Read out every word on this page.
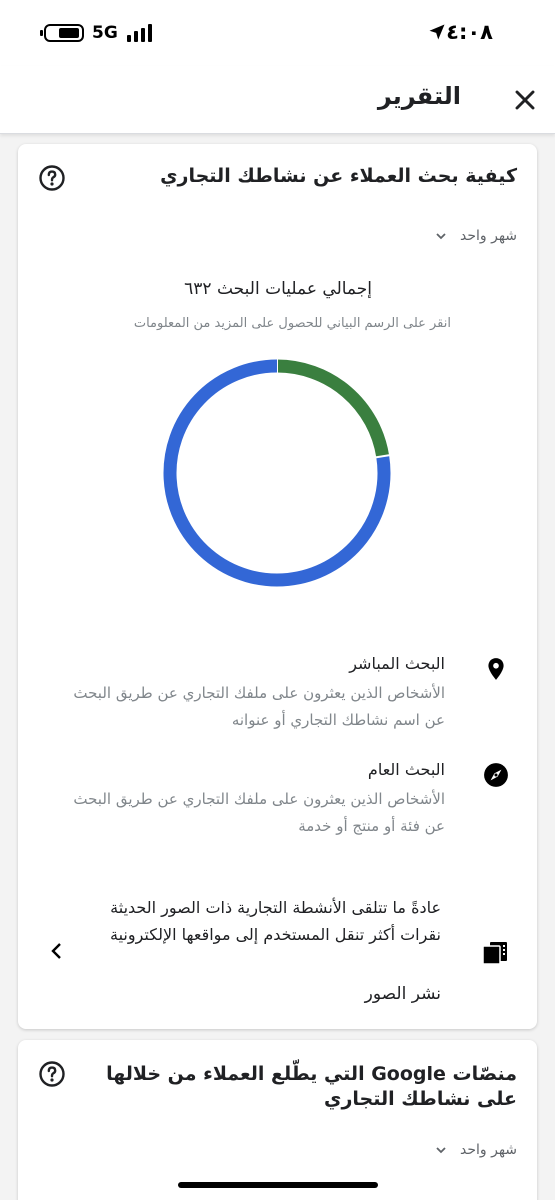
5G	٤:٠٨
التقرير
كيفية بحث العملاء عن نشاطك التجاري
شهر واحد
إجمالي عمليات البحث ٦٣٢
انقر على الرسم البياني للحصول على المزيد من المعلومات
البحث المباشر
الأشخاص الذين يعثرون على ملفك التجاري عن طريق البحث عن اسم نشاطك التجاري أو عنوانه
البحث العام
الأشخاص الذين يعثرون على ملفك التجاري عن طريق البحث عن فئة أو منتج أو خدمة
عادةً ما تتلقى الأنشطة التجارية ذات الصور الحديثة نقرات أكثر تنقل المستخدم إلى مواقعها الإلكترونية
نشر الصور
منصّات Google التي يطّلع العملاء من خلالها على نشاطك التجاري
شهر واحد
